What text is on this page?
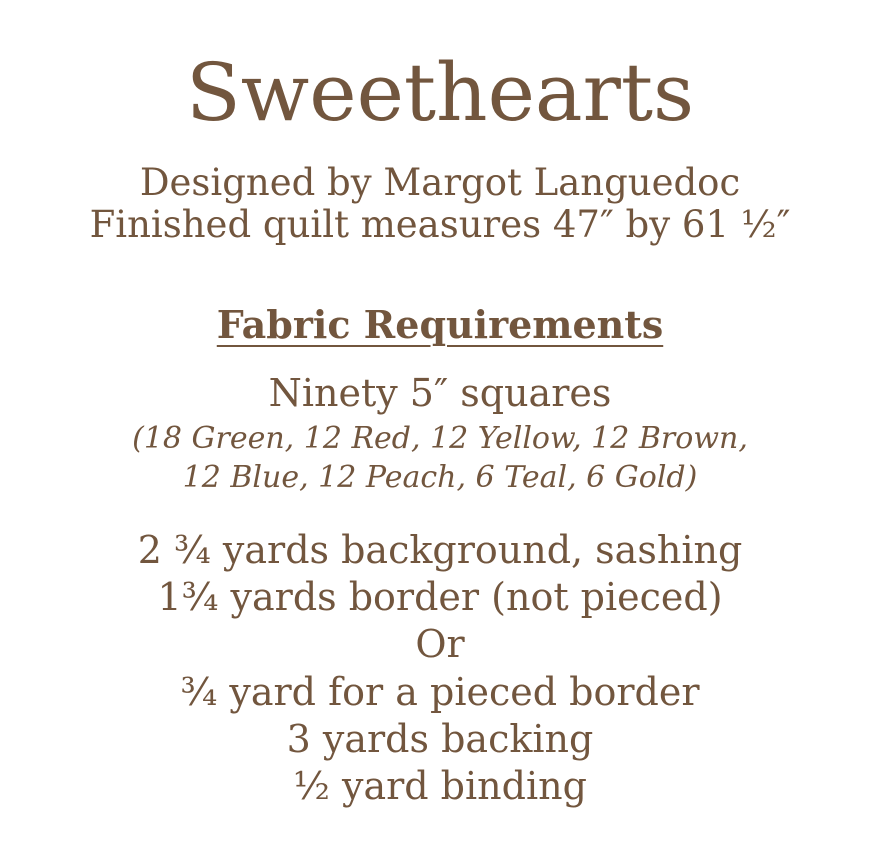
Sweethearts
Designed by Margot Languedoc
Finished quilt measures 47″ by 61 ½″
Fabric Requirements
Ninety 5″ squares
(18 Green, 12 Red, 12 Yellow, 12 Brown,
12 Blue, 12 Peach, 6 Teal, 6 Gold)
2 ¾ yards background, sashing
1¾ yards border (not pieced)
Or
¾ yard for a pieced border
3 yards backing
½ yard binding
